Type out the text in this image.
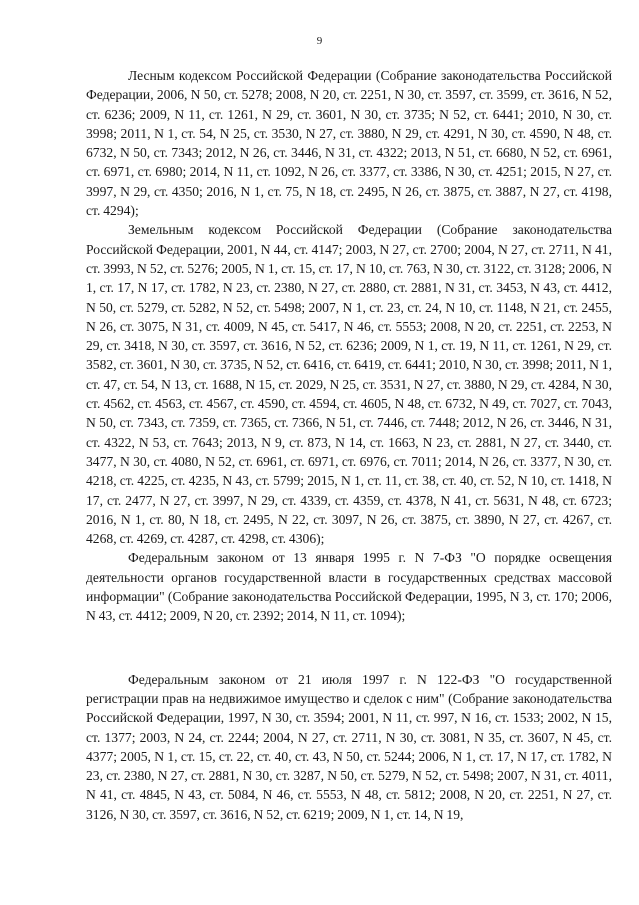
9

Лесным кодексом Российской Федерации (Собрание законодательства Российской Федерации, 2006, N 50, ст. 5278; 2008, N 20, ст. 2251, N 30, ст. 3597, ст. 3599, ст. 3616, N 52, ст. 6236; 2009, N 11, ст. 1261, N 29, ст. 3601, N 30, ст. 3735; N 52, ст. 6441; 2010, N 30, ст. 3998; 2011, N 1, ст. 54, N 25, ст. 3530, N 27, ст. 3880, N 29, ст. 4291, N 30, ст. 4590, N 48, ст. 6732, N 50, ст. 7343; 2012, N 26, ст. 3446, N 31, ст. 4322; 2013, N 51, ст. 6680, N 52, ст. 6961, ст. 6971, ст. 6980; 2014, N 11, ст. 1092, N 26, ст. 3377, ст. 3386, N 30, ст. 4251; 2015, N 27, ст. 3997, N 29, ст. 4350; 2016, N 1, ст. 75, N 18, ст. 2495, N 26, ст. 3875, ст. 3887, N 27, ст. 4198, ст. 4294);

Земельным кодексом Российской Федерации (Собрание законодательства Российской Федерации, 2001, N 44, ст. 4147; 2003, N 27, ст. 2700; 2004, N 27, ст. 2711, N 41, ст. 3993, N 52, ст. 5276; 2005, N 1, ст. 15, ст. 17, N 10, ст. 763, N 30, ст. 3122, ст. 3128; 2006, N 1, ст. 17, N 17, ст. 1782, N 23, ст. 2380, N 27, ст. 2880, ст. 2881, N 31, ст. 3453, N 43, ст. 4412, N 50, ст. 5279, ст. 5282, N 52, ст. 5498; 2007, N 1, ст. 23, ст. 24, N 10, ст. 1148, N 21, ст. 2455, N 26, ст. 3075, N 31, ст. 4009, N 45, ст. 5417, N 46, ст. 5553; 2008, N 20, ст. 2251, ст. 2253, N 29, ст. 3418, N 30, ст. 3597, ст. 3616, N 52, ст. 6236; 2009, N 1, ст. 19, N 11, ст. 1261, N 29, ст. 3582, ст. 3601, N 30, ст. 3735, N 52, ст. 6416, ст. 6419, ст. 6441; 2010, N 30, ст. 3998; 2011, N 1, ст. 47, ст. 54, N 13, ст. 1688, N 15, ст. 2029, N 25, ст. 3531, N 27, ст. 3880, N 29, ст. 4284, N 30, ст. 4562, ст. 4563, ст. 4567, ст. 4590, ст. 4594, ст. 4605, N 48, ст. 6732, N 49, ст. 7027, ст. 7043, N 50, ст. 7343, ст. 7359, ст. 7365, ст. 7366, N 51, ст. 7446, ст. 7448; 2012, N 26, ст. 3446, N 31, ст. 4322, N 53, ст. 7643; 2013, N 9, ст. 873, N 14, ст. 1663, N 23, ст. 2881, N 27, ст. 3440, ст. 3477, N 30, ст. 4080, N 52, ст. 6961, ст. 6971, ст. 6976, ст. 7011; 2014, N 26, ст. 3377, N 30, ст. 4218, ст. 4225, ст. 4235, N 43, ст. 5799; 2015, N 1, ст. 11, ст. 38, ст. 40, ст. 52, N 10, ст. 1418, N 17, ст. 2477, N 27, ст. 3997, N 29, ст. 4339, ст. 4359, ст. 4378, N 41, ст. 5631, N 48, ст. 6723; 2016, N 1, ст. 80, N 18, ст. 2495, N 22, ст. 3097, N 26, ст. 3875, ст. 3890, N 27, ст. 4267, ст. 4268, ст. 4269, ст. 4287, ст. 4298, ст. 4306);

Федеральным законом от 13 января 1995 г. N 7-ФЗ "О порядке освещения деятельности органов государственной власти в государственных средствах массовой информации" (Собрание законодательства Российской Федерации, 1995, N 3, ст. 170; 2006, N 43, ст. 4412; 2009, N 20, ст. 2392; 2014, N 11, ст. 1094);

Федеральным законом от 21 июля 1997 г. N 122-ФЗ "О государственной регистрации прав на недвижимое имущество и сделок с ним" (Собрание законодательства Российской Федерации, 1997, N 30, ст. 3594; 2001, N 11, ст. 997, N 16, ст. 1533; 2002, N 15, ст. 1377; 2003, N 24, ст. 2244; 2004, N 27, ст. 2711, N 30, ст. 3081, N 35, ст. 3607, N 45, ст. 4377; 2005, N 1, ст. 15, ст. 22, ст. 40, ст. 43, N 50, ст. 5244; 2006, N 1, ст. 17, N 17, ст. 1782, N 23, ст. 2380, N 27, ст. 2881, N 30, ст. 3287, N 50, ст. 5279, N 52, ст. 5498; 2007, N 31, ст. 4011, N 41, ст. 4845, N 43, ст. 5084, N 46, ст. 5553, N 48, ст. 5812; 2008, N 20, ст. 2251, N 27, ст. 3126, N 30, ст. 3597, ст. 3616, N 52, ст. 6219; 2009, N 1, ст. 14, N 19,
